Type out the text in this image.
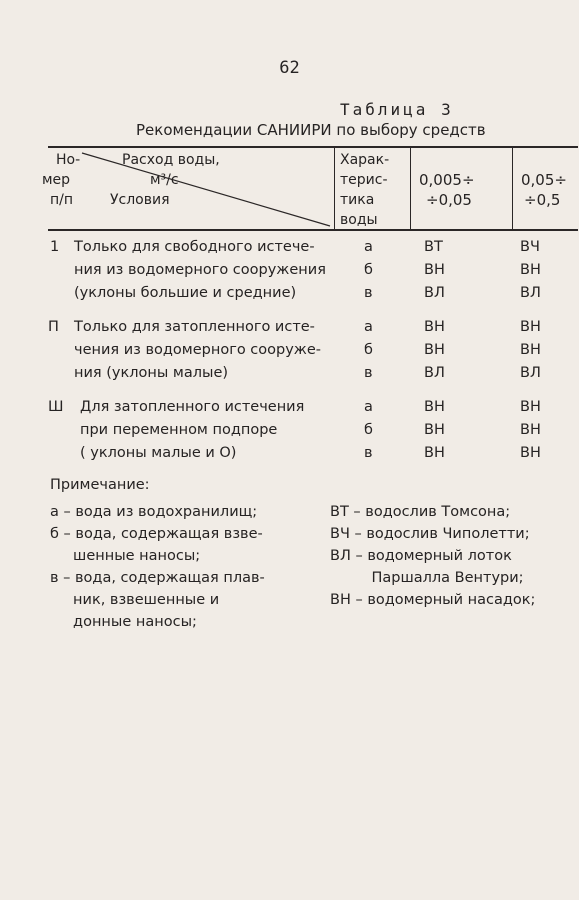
62
Таблица 3
Рекомендации САНИИРИ по выбору средств
Но-
мер
п/п
Расход воды,
м³/с
Условия
Харак-
терис-
тика
воды
0,005÷
÷0,05
0,05÷
÷0,5
1 Только для свободного истече-
ния из водомерного сооружения
(уклоны большие и средние)
а
б
в
ВТ
ВН
ВЛ
ВЧ
ВН
ВЛ
П Только для затопленного исте-
чения из водомерного сооруже-
ния (уклоны малые)
а
б
в
ВН
ВН
ВЛ
ВН
ВН
ВЛ
Ш Для затопленного истечения
при переменном подпоре
( уклоны малые и О)
а
б
в
ВН
ВН
ВН
ВН
ВН
ВН
Примечание:
а – вода из водохранилищ;
б – вода, содержащая взве-
шенные наносы;
в – вода, содержащая плав-
ник, взвешенные и
донные наносы;
ВТ – водослив Томсона;
ВЧ – водослив Чиполетти;
ВЛ – водомерный лоток
Паршалла Вентури;
ВН – водомерный насадок;
